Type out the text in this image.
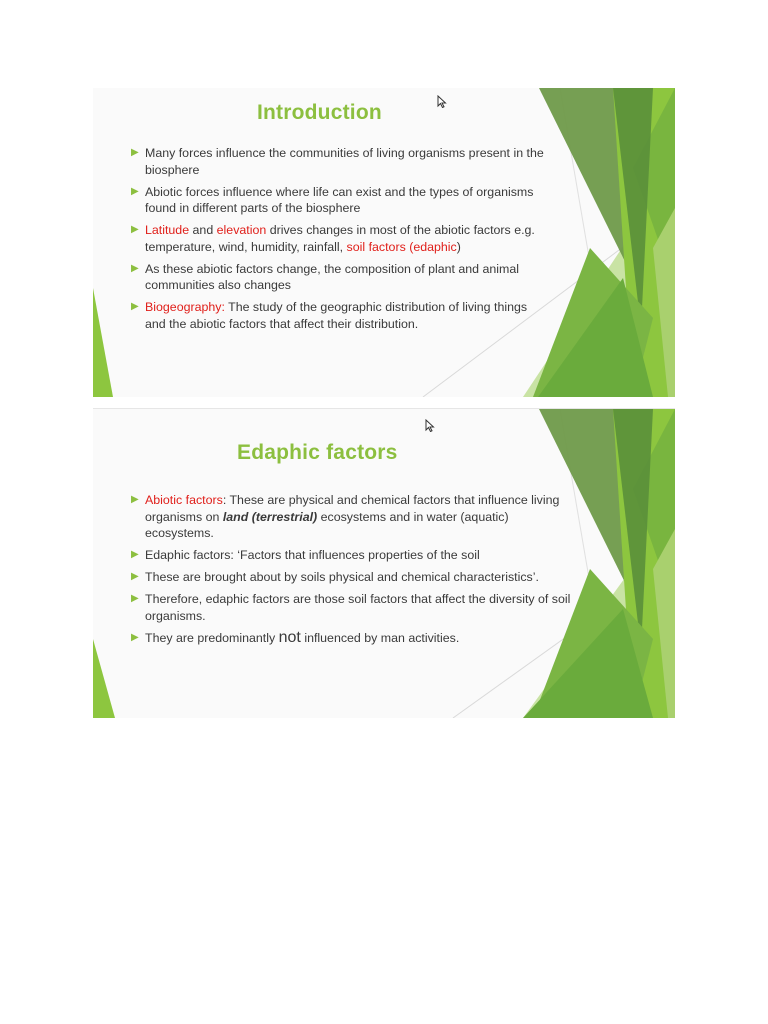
Introduction
▶ Many forces influence the communities of living organisms present in the biosphere
▶ Abiotic forces influence where life can exist and the types of organisms found in different parts of the biosphere
▶ Latitude and elevation drives changes in most of the abiotic factors e.g. temperature, wind, humidity, rainfall, soil factors (edaphic)
▶ As these abiotic factors change, the composition of plant and animal communities also changes
▶ Biogeography: The study of the geographic distribution of living things and the abiotic factors that affect their distribution.
Edaphic factors
▶ Abiotic factors: These are physical and chemical factors that influence living organisms on land (terrestrial) ecosystems and in water (aquatic) ecosystems.
▶ Edaphic factors: ‘Factors that influences properties of the soil
▶ These are brought about by soils physical and chemical characteristics’.
▶ Therefore, edaphic factors are those soil factors that affect the diversity of soil organisms.
▶ They are predominantly not influenced by man activities.
